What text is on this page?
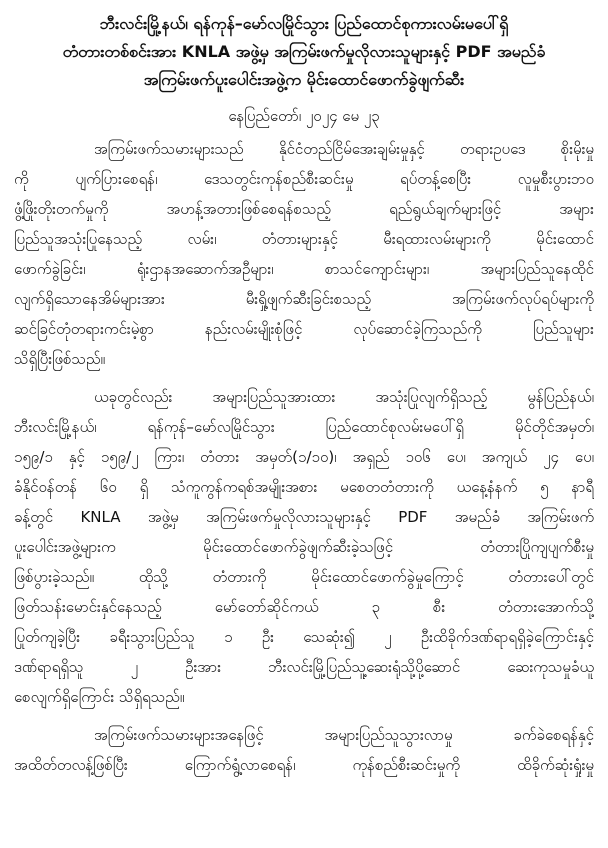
ဘီးလင်းမြို့နယ်၊ ရန်ကုန်–မော်လမြိုင်သွား ပြည်ထောင်စုကားလမ်းမပေါ်ရှိ
တံတားတစ်စင်းအား KNLA အဖွဲ့မှ အကြမ်းဖက်မှုလိုလားသူများနှင့် PDF အမည်ခံ
အကြမ်းဖက်ပူးပေါင်းအဖွဲ့က မိုင်းထောင်ဖောက်ခွဲဖျက်ဆီး
နေပြည်တော်၊ ၂၀၂၄ မေ ၂၃
အကြမ်းဖက်သမားများသည် နိုင်ငံတည်ငြိမ်အေးချမ်းမှုနှင့် တရားဥပဒေ စိုးမိုးမှု
ကို ပျက်ပြားစေရန်၊ ဒေသတွင်းကုန်စည်စီးဆင်းမှု ရပ်တန့်စေပြီး လူမှုစီးပွားဘဝ
ဖွံ့ဖြိုးတိုးတက်မှုကို အဟန့်အတားဖြစ်စေရန်စသည့် ရည်ရွယ်ချက်များဖြင့် အများ
ပြည်သူအသုံးပြုနေသည့် လမ်း၊ တံတားများနှင့် မီးရထားလမ်းများကို မိုင်းထောင်
ဖောက်ခွဲခြင်း၊ ရုံးဌာနအဆောက်အဦများ၊ စာသင်ကျောင်းများ၊ အများပြည်သူနေထိုင်
လျက်ရှိသောနေအိမ်များအား မီးရှို့ဖျက်ဆီးခြင်းစသည့် အကြမ်းဖက်လုပ်ရပ်များကို
ဆင်ခြင်တုံတရားကင်းမဲ့စွာ နည်းလမ်းမျိုးစုံဖြင့် လုပ်ဆောင်ခဲ့ကြသည်ကို ပြည်သူများ
သိရှိပြီးဖြစ်သည်။
ယခုတွင်လည်း အများပြည်သူအားထား အသုံးပြုလျက်ရှိသည့် မွန်ပြည်နယ်၊
ဘီးလင်းမြို့နယ်၊ ရန်ကုန်–မော်လမြိုင်သွား ပြည်ထောင်စုလမ်းမပေါ်ရှိ မိုင်တိုင်အမှတ်၊
၁၅၉/၁ နှင့် ၁၅၉/၂ ကြား၊ တံတား အမှတ်(၁/၁၀)၊ အရှည် ၁၀၆ ပေ၊ အကျယ် ၂၄ ပေ၊
ခံနိုင်ဝန်တန် ၆၀ ရှိ သံကူကွန်ကရစ်အမျိုးအစား မစေတတံတားကို ယနေ့နံနက် ၅ နာရီ
ခန့်တွင် KNLA အဖွဲ့မှ အကြမ်းဖက်မှုလိုလားသူများနှင့် PDF အမည်ခံ အကြမ်းဖက်
ပူးပေါင်းအဖွဲ့များက မိုင်းထောင်ဖောက်ခွဲဖျက်ဆီးခဲ့သဖြင့် တံတားပြိုကျပျက်စီးမှု
ဖြစ်ပွားခဲ့သည်။ ထိုသို့ တံတားကို မိုင်းထောင်ဖောက်ခွဲမှုကြောင့် တံတားပေါ်တွင်
ဖြတ်သန်းမောင်းနှင်နေသည့် မော်တော်ဆိုင်ကယ် ၃ စီး တံတားအောက်သို့
ပြုတ်ကျခဲ့ပြီး ခရီးသွားပြည်သူ ၁ ဦး သေဆုံး၍ ၂ ဦးထိခိုက်ဒဏ်ရာရရှိခဲ့ကြောင်းနှင့်
ဒဏ်ရာရရှိသူ ၂ ဦးအား ဘီးလင်းမြို့ပြည်သူ့ဆေးရုံသို့ပို့ဆောင် ဆေးကုသမှုခံယူ
စေလျက်ရှိကြောင်း သိရှိရသည်။
အကြမ်းဖက်သမားများအနေဖြင့် အများပြည်သူသွားလာမှု ခက်ခဲစေရန်နှင့်
အထိတ်တလန့်ဖြစ်ပြီး ကြောက်ရွံ့လာစေရန်၊ ကုန်စည်စီးဆင်းမှုကို ထိခိုက်ဆုံးရှုံးမှု
